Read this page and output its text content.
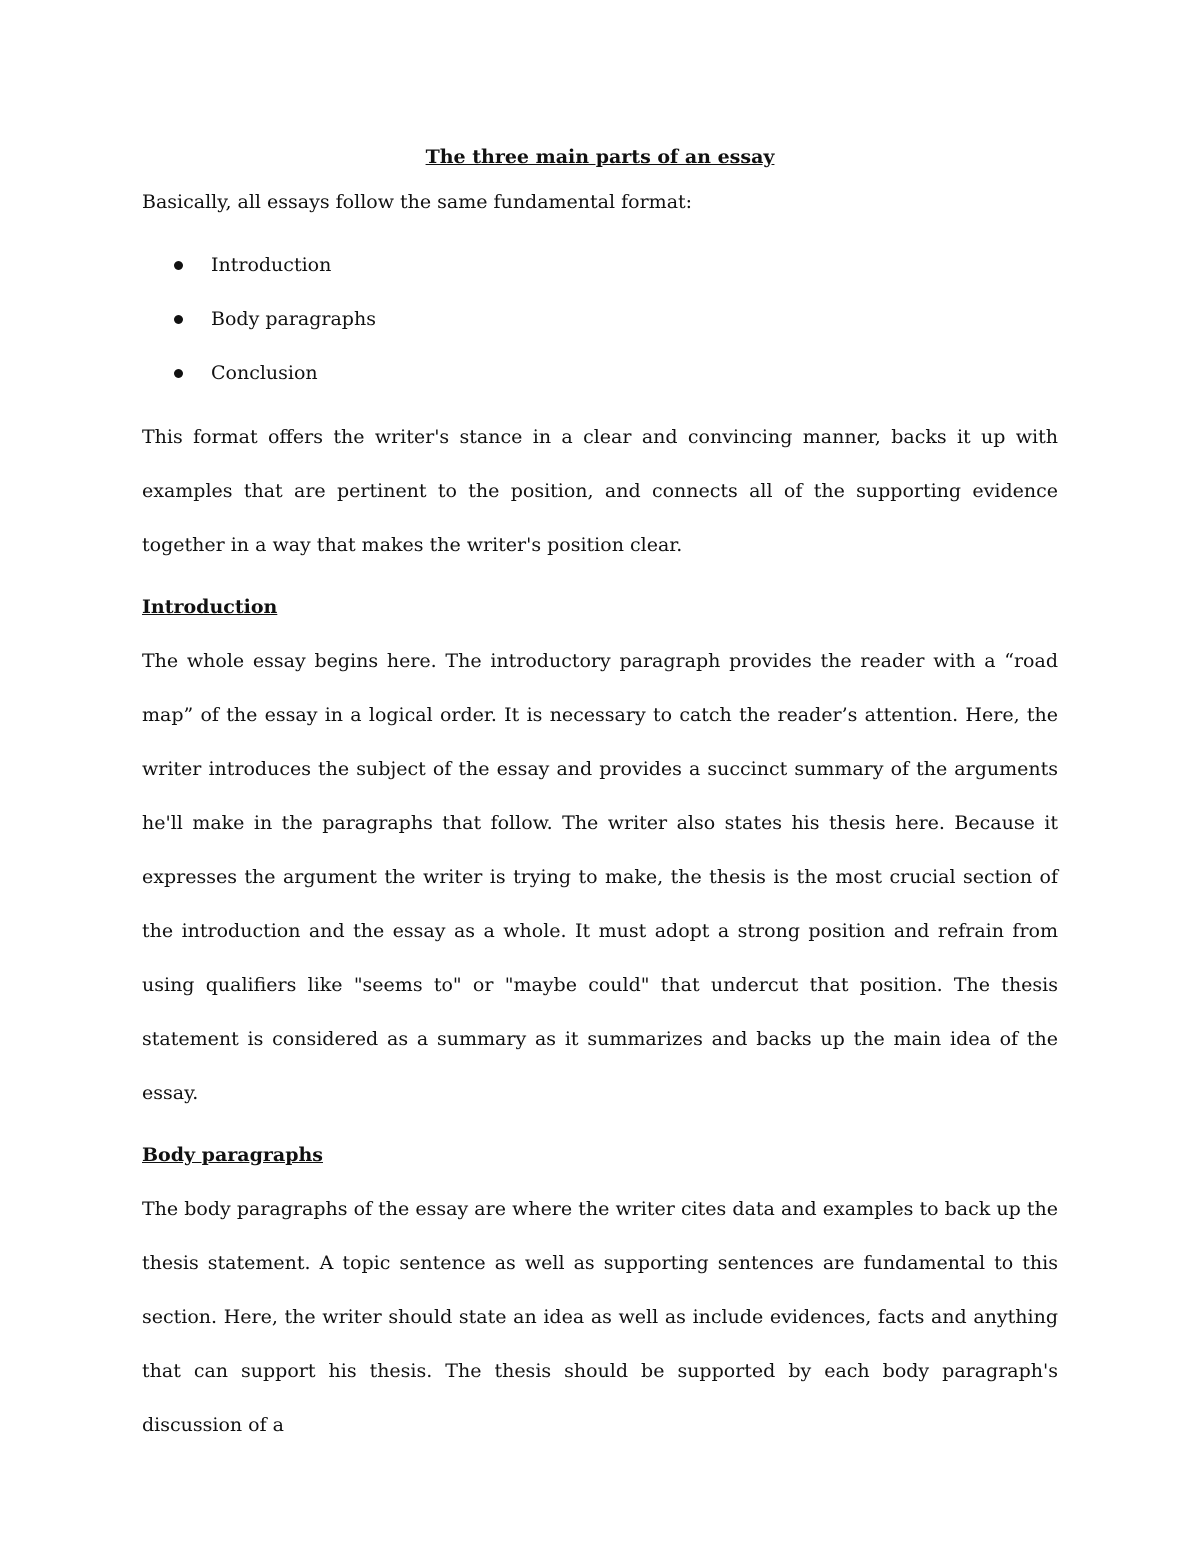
The three main parts of an essay

Basically, all essays follow the same fundamental format:

Introduction
Body paragraphs
Conclusion

This format offers the writer's stance in a clear and convincing manner, backs it up with examples that are pertinent to the position, and connects all of the supporting evidence together in a way that makes the writer's position clear.

Introduction

The whole essay begins here. The introductory paragraph provides the reader with a “road map” of the essay in a logical order. It is necessary to catch the reader’s attention. Here, the writer introduces the subject of the essay and provides a succinct summary of the arguments he'll make in the paragraphs that follow. The writer also states his thesis here. Because it expresses the argument the writer is trying to make, the thesis is the most crucial section of the introduction and the essay as a whole. It must adopt a strong position and refrain from using qualifiers like "seems to" or "maybe could" that undercut that position. The thesis statement is considered as a summary as it summarizes and backs up the main idea of the essay.

Body paragraphs

The body paragraphs of the essay are where the writer cites data and examples to back up the thesis statement. A topic sentence as well as supporting sentences are fundamental to this section. Here, the writer should state an idea as well as include evidences, facts and anything that can support his thesis. The thesis should be supported by each body paragraph's discussion of a
